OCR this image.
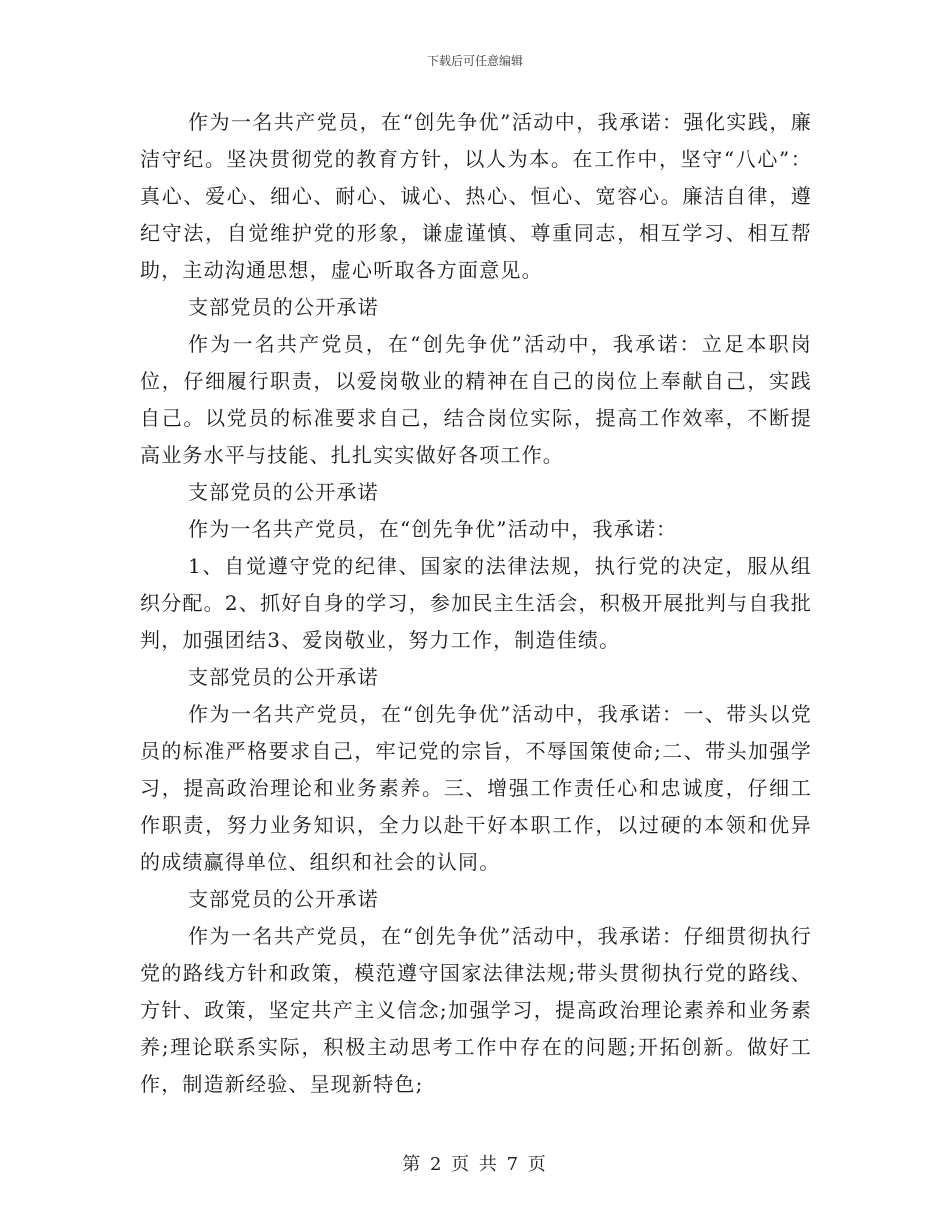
下载后可任意编辑

作为一名共产党员，在“创先争优”活动中，我承诺：强化实践，廉洁守纪。坚决贯彻党的教育方针，以人为本。在工作中，坚守“八心”：真心、爱心、细心、耐心、诚心、热心、恒心、宽容心。廉洁自律，遵纪守法，自觉维护党的形象，谦虚谨慎、尊重同志，相互学习、相互帮助，主动沟通思想，虚心听取各方面意见。

支部党员的公开承诺

作为一名共产党员，在“创先争优”活动中，我承诺：立足本职岗位，仔细履行职责，以爱岗敬业的精神在自己的岗位上奉献自己，实践自己。以党员的标准要求自己，结合岗位实际，提高工作效率，不断提高业务水平与技能、扎扎实实做好各项工作。

支部党员的公开承诺

作为一名共产党员，在“创先争优”活动中，我承诺：

1、自觉遵守党的纪律、国家的法律法规，执行党的决定，服从组织分配。2、抓好自身的学习，参加民主生活会，积极开展批判与自我批判，加强团结3、爱岗敬业，努力工作，制造佳绩。

支部党员的公开承诺

作为一名共产党员，在“创先争优”活动中，我承诺：一、带头以党员的标准严格要求自己，牢记党的宗旨，不辱国策使命;二、带头加强学习，提高政治理论和业务素养。三、增强工作责任心和忠诚度，仔细工作职责，努力业务知识，全力以赴干好本职工作，以过硬的本领和优异的成绩赢得单位、组织和社会的认同。

支部党员的公开承诺

作为一名共产党员，在“创先争优”活动中，我承诺：仔细贯彻执行党的路线方针和政策，模范遵守国家法律法规;带头贯彻执行党的路线、方针、政策，坚定共产主义信念;加强学习，提高政治理论素养和业务素养;理论联系实际，积极主动思考工作中存在的问题;开拓创新。做好工作，制造新经验、呈现新特色;

第 2 页 共 7 页
